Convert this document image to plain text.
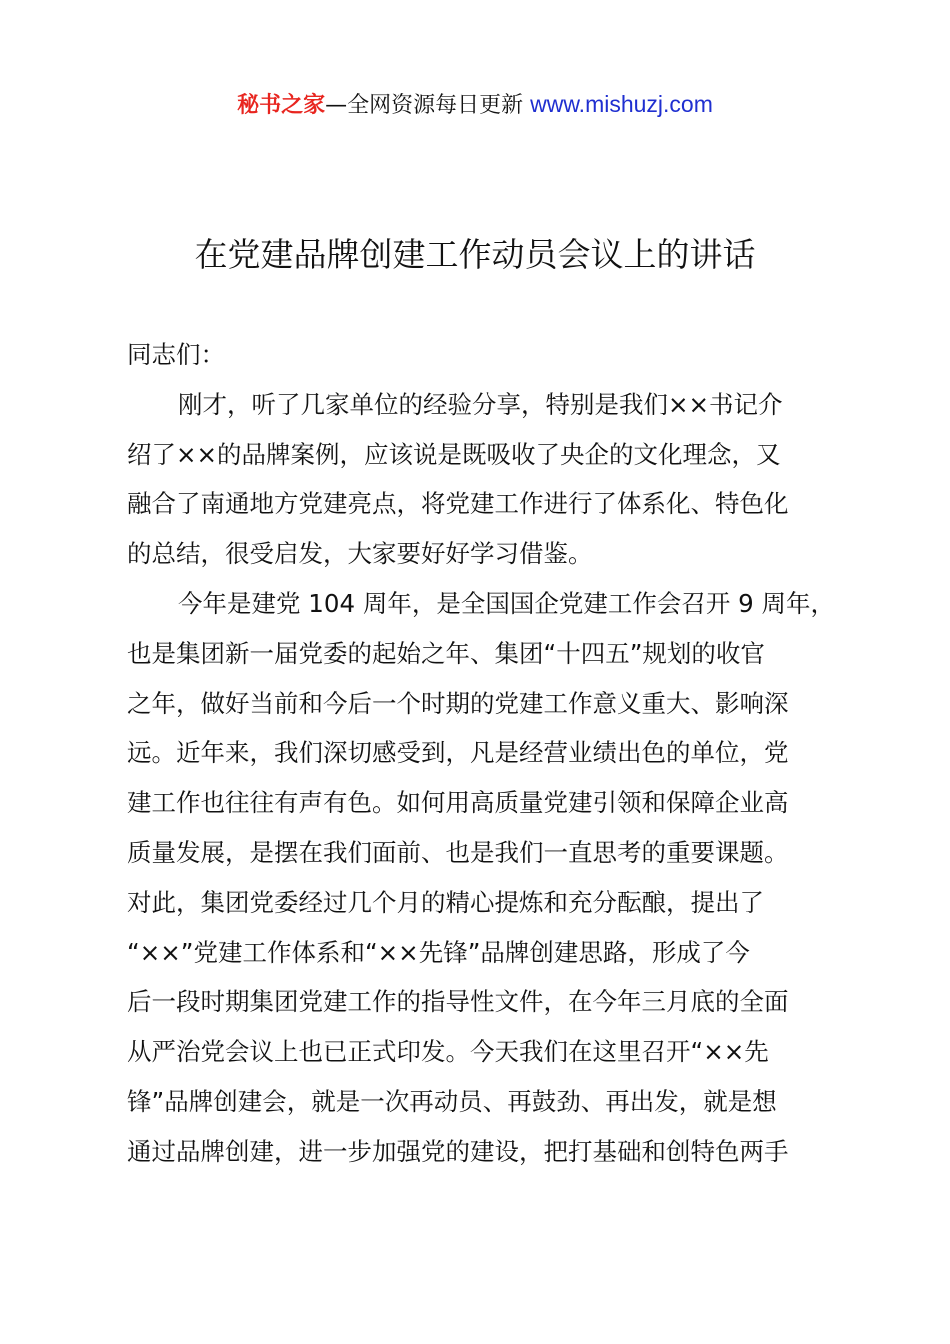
秘书之家—全网资源每日更新 www.mishuzj.com
在党建品牌创建工作动员会议上的讲话
同志们：
刚才，听了几家单位的经验分享，特别是我们××书记介
绍了××的品牌案例，应该说是既吸收了央企的文化理念，又
融合了南通地方党建亮点，将党建工作进行了体系化、特色化
的总结，很受启发，大家要好好学习借鉴。
今年是建党 104 周年，是全国国企党建工作会召开 9 周年，
也是集团新一届党委的起始之年、集团“十四五”规划的收官
之年，做好当前和今后一个时期的党建工作意义重大、影响深
远。近年来，我们深切感受到，凡是经营业绩出色的单位，党
建工作也往往有声有色。如何用高质量党建引领和保障企业高
质量发展，是摆在我们面前、也是我们一直思考的重要课题。
对此，集团党委经过几个月的精心提炼和充分酝酿，提出了
“××”党建工作体系和“××先锋”品牌创建思路，形成了今
后一段时期集团党建工作的指导性文件，在今年三月底的全面
从严治党会议上也已正式印发。今天我们在这里召开“××先
锋”品牌创建会，就是一次再动员、再鼓劲、再出发，就是想
通过品牌创建，进一步加强党的建设，把打基础和创特色两手
